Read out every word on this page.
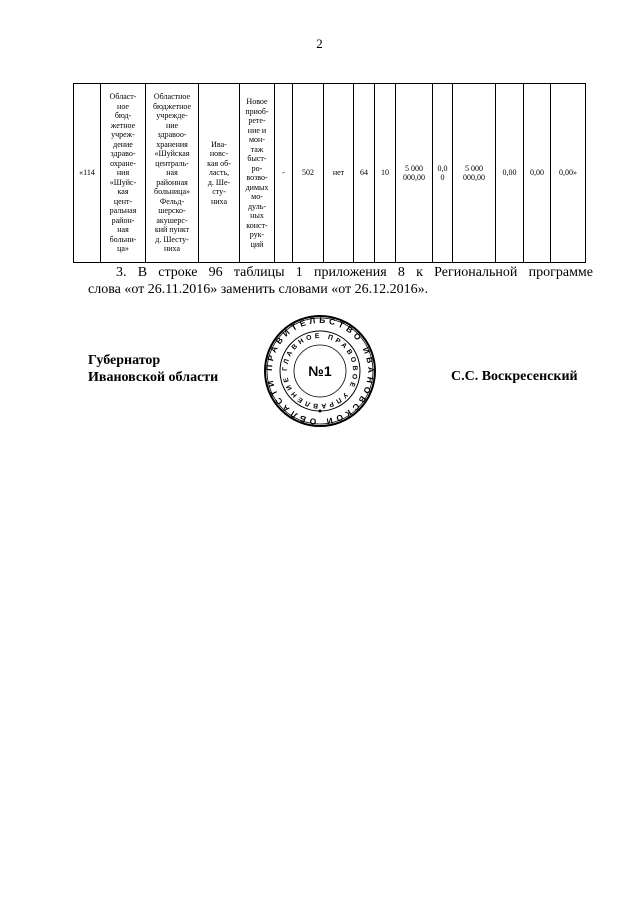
2
«114	Област-
ное
бюд-
жетное
учреж-
дение
здраво-
охране-
ния
«Шуйс-
кая
цент-
ральная
район-
ная
больни-
ца»	Областное
бюджетное
учрежде-
ние
здравоо-
хранения
«Шуйская
централь-
ная
районная
больница»
Фельд-
шерско-
акушерс-
кий пункт
д. Шесту-
ниха	Ива-
новс-
кая об-
ласть,
д. Ше-
сту-
ниха	Новое
приоб-
рете-
ние и
мон-
таж
быст-
ро-
возво-
димых
мо-
дуль-
ных
конст-
рук-
ций	-	502	нет	64	10	5 000
000,00	0,0
0	5 000
000,00	0,00	0,00	0,00»
3. В строке 96 таблицы 1 приложения 8 к Региональной программе
слова «от 26.11.2016» заменить словами «от 26.12.2016».
Губернатор
Ивановской области
ПРАВИТЕЛЬСТВО ИВАНОВСКОЙ ОБЛАСТИ
ГЛАВНОЕ ПРАВОВОЕ УПРАВЛЕНИЕ
№1	С.С. Воскресенский
